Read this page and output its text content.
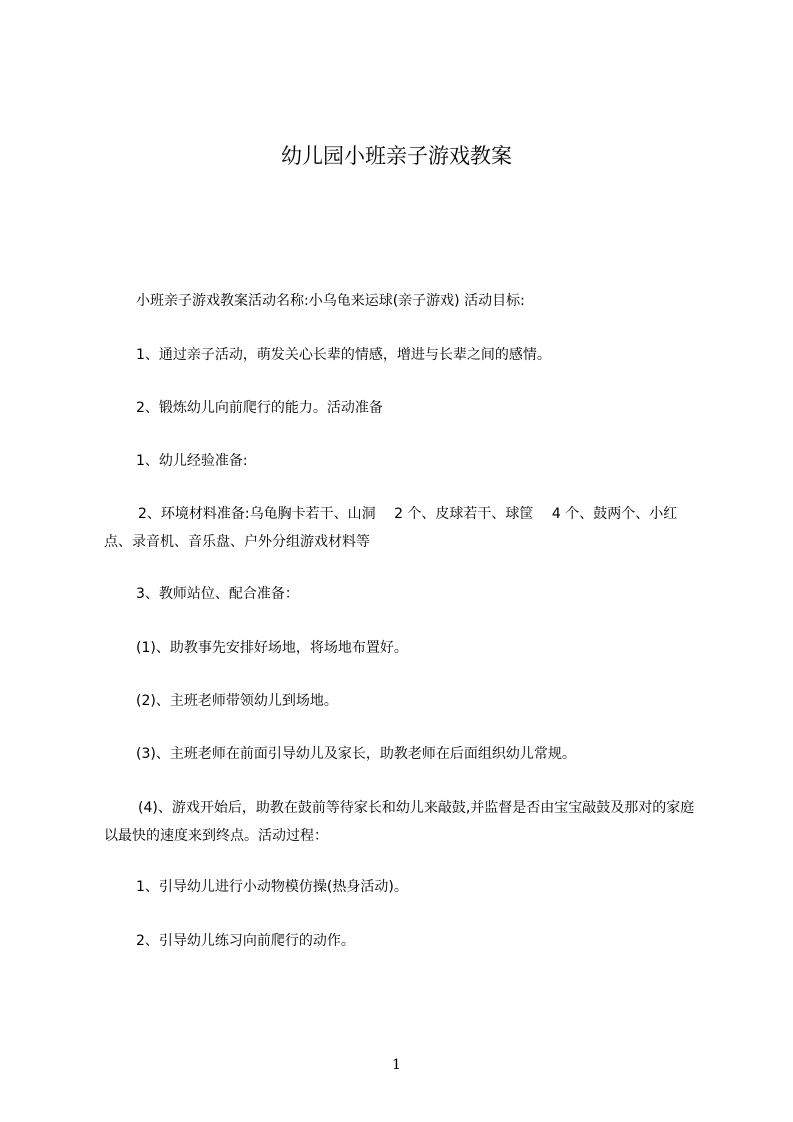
幼儿园小班亲子游戏教案
小班亲子游戏教案活动名称:小乌龟来运球(亲子游戏) 活动目标:
1、通过亲子活动，萌发关心长辈的情感，增进与长辈之间的感情。
2、锻炼幼儿向前爬行的能力。活动准备
1、幼儿经验准备:
2、环境材料准备:乌龟胸卡若干、山洞　 2 个、皮球若干、球筐　 4 个、鼓两个、小红点、录音机、音乐盘、户外分组游戏材料等
3、教师站位、配合准备：
(1)、助教事先安排好场地，将场地布置好。
(2)、主班老师带领幼儿到场地。
(3)、主班老师在前面引导幼儿及家长，助教老师在后面组织幼儿常规。
(4)、游戏开始后，助教在鼓前等待家长和幼儿来敲鼓,并监督是否由宝宝敲鼓及那对的家庭以最快的速度来到终点。活动过程：
1、引导幼儿进行小动物模仿操(热身活动)。
2、引导幼儿练习向前爬行的动作。
1
